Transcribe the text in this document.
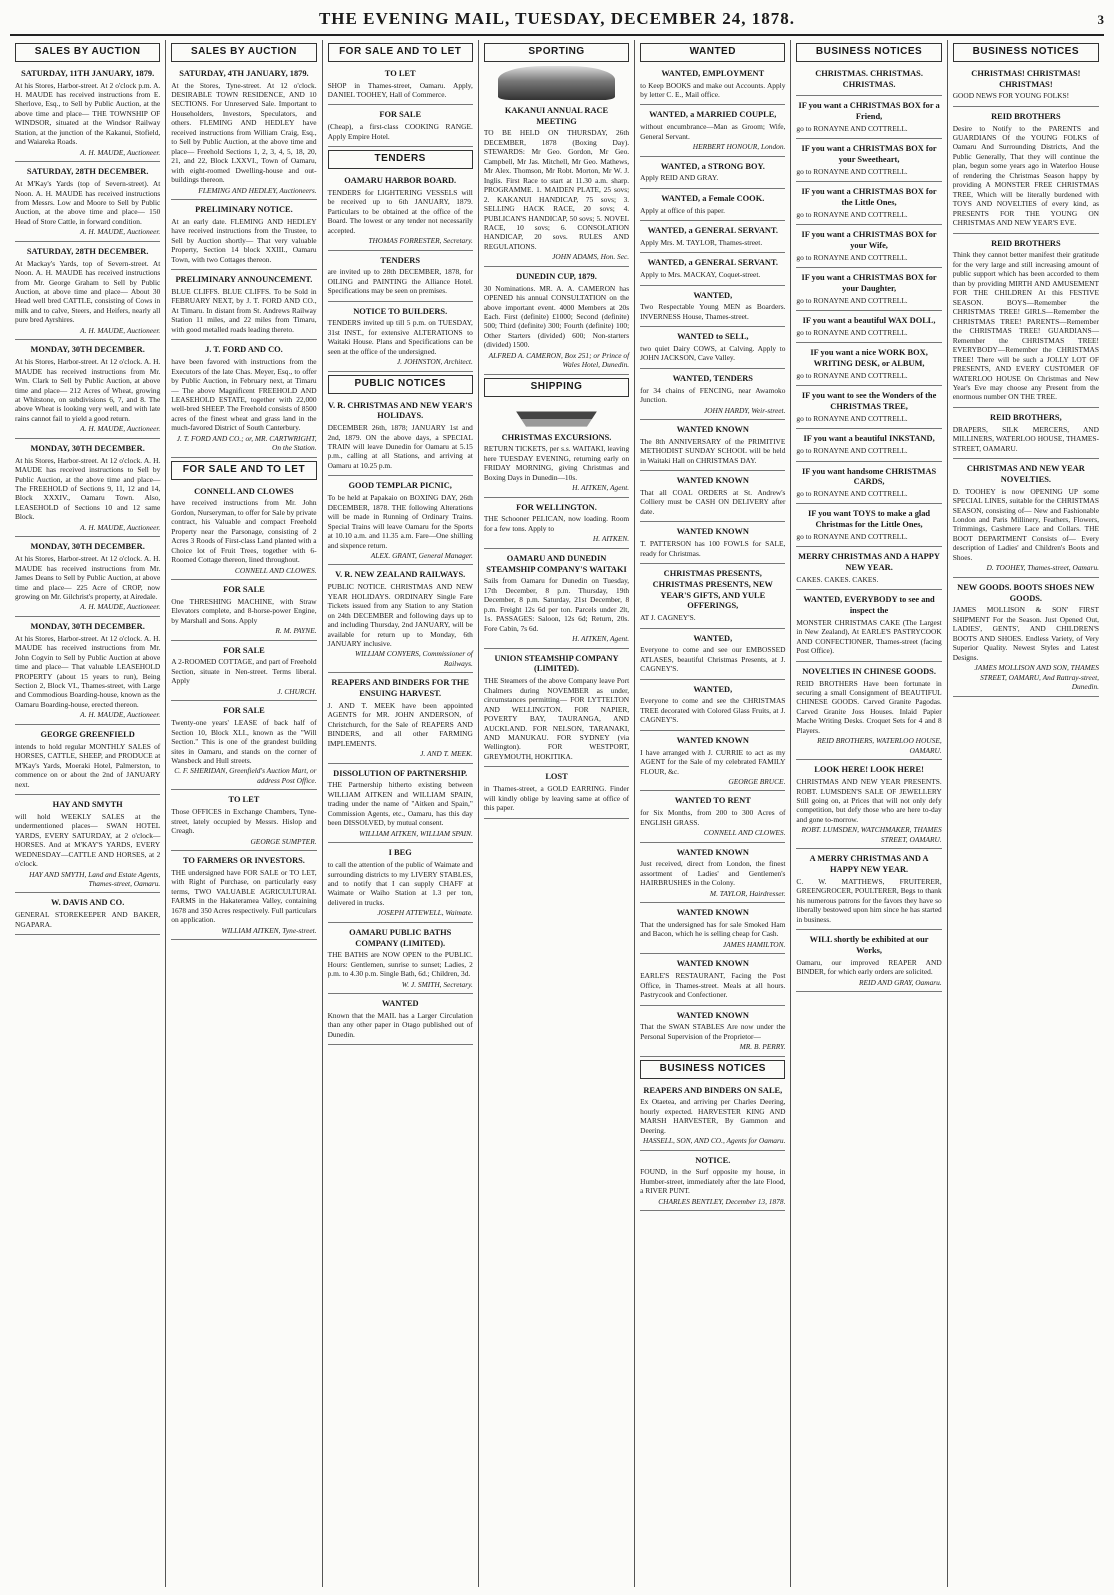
THE EVENING MAIL, TUESDAY, DECEMBER 24, 1878.	3
SALES BY AUCTION
SATURDAY, 11TH JANUARY, 1879.
At his Stores, Harbor-street. At 2 o'clock p.m. A. H. MAUDE has received instructions from E. Sherlove, Esq., to Sell by Public Auction, at the above time and place— THE TOWNSHIP OF WINDSOR, situated at the Windsor Railway Station, at the junction of the Kakanui, Stofield, and Waiareka Roads.
A. H. MAUDE, Auctioneer.
SATURDAY, 28TH DECEMBER.
At M'Kay's Yards (top of Severn-street). At Noon. A. H. MAUDE has received instructions from Messrs. Low and Moore to Sell by Public Auction, at the above time and place— 150 Head of Store Cattle, in forward condition.
A. H. MAUDE, Auctioneer.
SATURDAY, 28TH DECEMBER.
At Mackay's Yards, top of Severn-street. At Noon. A. H. MAUDE has received instructions from Mr. George Graham to Sell by Public Auction, at above time and place— About 30 Head well bred CATTLE, consisting of Cows in milk and to calve, Steers, and Heifers, nearly all pure bred Ayrshires.
A. H. MAUDE, Auctioneer.
MONDAY, 30TH DECEMBER.
At his Stores, Harbor-street. At 12 o'clock. A. H. MAUDE has received instructions from Mr. Wm. Clark to Sell by Public Auction, at above time and place— 212 Acres of Wheat, growing at Whitstone, on subdivisions 6, 7, and 8. The above Wheat is looking very well, and with late rains cannot fail to yield a good return.
A. H. MAUDE, Auctioneer.
MONDAY, 30TH DECEMBER.
At his Stores, Harbor-street. At 12 o'clock. A. H. MAUDE has received instructions to Sell by Public Auction, at the above time and place— The FREEHOLD of Sections 9, 11, 12 and 14, Block XXXIV., Oamaru Town. Also, LEASEHOLD of Sections 10 and 12 same Block.
A. H. MAUDE, Auctioneer.
MONDAY, 30TH DECEMBER.
At his Stores, Harbor-street. At 12 o'clock. A. H. MAUDE has received instructions from Mr. James Deans to Sell by Public Auction, at above time and place— 225 Acre of CROP, now growing on Mr. Gilchrist's property, at Airedale.
A. H. MAUDE, Auctioneer.
MONDAY, 30TH DECEMBER.
At his Stores, Harbor-street. At 12 o'clock. A. H. MAUDE has received instructions from Mr. John Cogvin to Sell by Public Auction at above time and place— That valuable LEASEHOLD PROPERTY (about 15 years to run), Being Section 2, Block VI., Thames-street, with Large and Commodious Boarding-house, known as the Oamaru Boarding-house, erected thereon.
A. H. MAUDE, Auctioneer.
GEORGE GREENFIELD
intends to hold regular MONTHLY SALES of HORSES, CATTLE, SHEEP, and PRODUCE at M'Kay's Yards, Moeraki Hotel, Palmerston, to commence on or about the 2nd of JANUARY next.
HAY AND SMYTH
will hold WEEKLY SALES at the undermentioned places— SWAN HOTEL YARDS, EVERY SATURDAY, at 2 o'clock—HORSES. And at M'KAY'S YARDS, EVERY WEDNESDAY—CATTLE AND HORSES, at 2 o'clock.
HAY AND SMYTH, Land and Estate Agents, Thames-street, Oamaru.
W. DAVIS AND CO.
GENERAL STOREKEEPER AND BAKER, NGAPARA.
SALES BY AUCTION
SATURDAY, 4TH JANUARY, 1879.
At the Stores, Tyne-street. At 12 o'clock. DESIRABLE TOWN RESIDENCE, AND 10 SECTIONS. For Unreserved Sale. Important to Householders, Investors, Speculators, and others. FLEMING AND HEDLEY have received instructions from William Craig, Esq., to Sell by Public Auction, at the above time and place— Freehold Sections 1, 2, 3, 4, 5, 18, 20, 21, and 22, Block LXXVI., Town of Oamaru, with eight-roomed Dwelling-house and out-buildings thereon.
FLEMING AND HEDLEY, Auctioneers.
PRELIMINARY NOTICE.
At an early date. FLEMING AND HEDLEY have received instructions from the Trustee, to Sell by Auction shortly— That very valuable Property, Section 14 block XXIII., Oamaru Town, with two Cottages thereon.
PRELIMINARY ANNOUNCEMENT.
BLUE CLIFFS. BLUE CLIFFS. To be Sold in FEBRUARY NEXT, by J. T. FORD AND CO., At Timaru. In distant from St. Andrews Railway Station 11 miles, and 22 miles from Timaru, with good metalled roads leading thereto.
J. T. FORD AND CO.
have been favored with instructions from the Executors of the late Chas. Meyer, Esq., to offer by Public Auction, in February next, at Timaru— The above Magnificent FREEHOLD AND LEASEHOLD ESTATE, together with 22,000 well-bred SHEEP. The Freehold consists of 8500 acres of the finest wheat and grass land in the much-favored District of South Canterbury.
J. T. FORD AND CO.; or, MR. CARTWRIGHT, On the Station.
FOR SALE AND TO LET
CONNELL AND CLOWES
have received instructions from Mr. John Gordon, Nurseryman, to offer for Sale by private contract, his Valuable and compact Freehold Property near the Parsonage, consisting of 2 Acres 3 Roods of First-class Land planted with a Choice lot of Fruit Trees, together with 6-Roomed Cottage thereon, lined throughout.
CONNELL AND CLOWES.
FOR SALE
One THRESHING MACHINE, with Straw Elevators complete, and 8-horse-power Engine, by Marshall and Sons. Apply
R. M. PAYNE.
FOR SALE
A 2-ROOMED COTTAGE, and part of Freehold Section, situate in Nen-street. Terms liberal. Apply
J. CHURCH.
FOR SALE
Twenty-one years' LEASE of back half of Section 10, Block XLI., known as the "Will Section." This is one of the grandest building sites in Oamaru, and stands on the corner of Wansbeck and Hull streets.
C. F. SHERIDAN, Greenfield's Auction Mart, or address Post Office.
TO LET
Those OFFICES in Exchange Chambers, Tyne-street, lately occupied by Messrs. Hislop and Creagh.
GEORGE SUMPTER.
TO FARMERS OR INVESTORS.
THE undersigned have FOR SALE or TO LET, with Right of Purchase, on particularly easy terms, TWO VALUABLE AGRICULTURAL FARMS in the Hakateramea Valley, containing 1678 and 350 Acres respectively. Full particulars on application.
WILLIAM AITKEN, Tyne-street.
FOR SALE AND TO LET
TO LET
SHOP in Thames-street, Oamaru. Apply, DANIEL TOOHEY, Hall of Commerce.
FOR SALE
(Cheap), a first-class COOKING RANGE. Apply Empire Hotel.
TENDERS
OAMARU HARBOR BOARD.
TENDERS for LIGHTERING VESSELS will be received up to 6th JANUARY, 1879. Particulars to be obtained at the office of the Board. The lowest or any tender not necessarily accepted.
THOMAS FORRESTER, Secretary.
TENDERS
are invited up to 28th DECEMBER, 1878, for OILING and PAINTING the Alliance Hotel. Specifications may be seen on premises.
NOTICE TO BUILDERS.
TENDERS invited up till 5 p.m. on TUESDAY, 31st INST., for extensive ALTERATIONS to Waitaki House. Plans and Specifications can be seen at the office of the undersigned.
J. JOHNSTON, Architect.
PUBLIC NOTICES
V. R. CHRISTMAS AND NEW YEAR'S HOLIDAYS.
DECEMBER 26th, 1878; JANUARY 1st and 2nd, 1879. ON the above days, a SPECIAL TRAIN will leave Dunedin for Oamaru at 5.15 p.m., calling at all Stations, and arriving at Oamaru at 10.25 p.m.
GOOD TEMPLAR PICNIC,
To be held at Papakaio on BOXING DAY, 26th DECEMBER, 1878. THE following Alterations will be made in Running of Ordinary Trains. Special Trains will leave Oamaru for the Sports at 10.10 a.m. and 11.35 a.m. Fare—One shilling and sixpence return.
ALEX. GRANT, General Manager.
V. R. NEW ZEALAND RAILWAYS.
PUBLIC NOTICE. CHRISTMAS AND NEW YEAR HOLIDAYS. ORDINARY Single Fare Tickets issued from any Station to any Station on 24th DECEMBER and following days up to and including Thursday, 2nd JANUARY, will be available for return up to Monday, 6th JANUARY inclusive.
WILLIAM CONYERS, Commissioner of Railways.
REAPERS AND BINDERS FOR THE ENSUING HARVEST.
J. AND T. MEEK have been appointed AGENTS for MR. JOHN ANDERSON, of Christchurch, for the Sale of REAPERS AND BINDERS, and all other FARMING IMPLEMENTS.
J. AND T. MEEK.
DISSOLUTION OF PARTNERSHIP.
THE Partnership hitherto existing between WILLIAM AITKEN and WILLIAM SPAIN, trading under the name of "Aitken and Spain," Commission Agents, etc., Oamaru, has this day been DISSOLVED, by mutual consent.
WILLIAM AITKEN, WILLIAM SPAIN.
I BEG
to call the attention of the public of Waimate and surrounding districts to my LIVERY STABLES, and to notify that I can supply CHAFF at Waimate or Waiho Station at 1.3 per ton, delivered in trucks.
JOSEPH ATTEWELL, Waimate.
OAMARU PUBLIC BATHS COMPANY (LIMITED).
THE BATHS are NOW OPEN to the PUBLIC. Hours: Gentlemen, sunrise to sunset; Ladies, 2 p.m. to 4.30 p.m. Single Bath, 6d.; Children, 3d.
W. J. SMITH, Secretary.
WANTED
Known that the MAIL has a Larger Circulation than any other paper in Otago published out of Dunedin.
SPORTING
KAKANUI ANNUAL RACE MEETING
TO BE HELD ON THURSDAY, 26th DECEMBER, 1878 (Boxing Day). STEWARDS: Mr Geo. Gordon, Mr Geo. Campbell, Mr Jas. Mitchell, Mr Geo. Mathews, Mr Alex. Thomson, Mr Robt. Morton, Mr W. J. Inglis. First Race to start at 11.30 a.m. sharp. PROGRAMME. 1. MAIDEN PLATE, 25 sovs; 2. KAKANUI HANDICAP, 75 sovs; 3. SELLING HACK RACE, 20 sovs; 4. PUBLICAN'S HANDICAP, 50 sovs; 5. NOVEL RACE, 10 sovs; 6. CONSOLATION HANDICAP, 20 sovs. RULES AND REGULATIONS.
JOHN ADAMS, Hon. Sec.
DUNEDIN CUP, 1879.
30 Nominations. MR. A. A. CAMERON has OPENED his annual CONSULTATION on the above important event. 4000 Members at 20s Each. First (definite) £1000; Second (definite) 500; Third (definite) 300; Fourth (definite) 100; Other Starters (divided) 600; Non-starters (divided) 1500.
ALFRED A. CAMERON, Box 251; or Prince of Wales Hotel, Dunedin.
SHIPPING
CHRISTMAS EXCURSIONS.
RETURN TICKETS, per s.s. WAITAKI, leaving here TUESDAY EVENING, returning early on FRIDAY MORNING, giving Christmas and Boxing Days in Dunedin—10s.
H. AITKEN, Agent.
FOR WELLINGTON.
THE Schooner PELICAN, now loading. Room for a few tons. Apply to
H. AITKEN.
OAMARU AND DUNEDIN STEAMSHIP COMPANY'S WAITAKI
Sails from Oamaru for Dunedin on Tuesday, 17th December, 8 p.m. Thursday, 19th December, 8 p.m. Saturday, 21st December, 8 p.m. Freight 12s 6d per ton. Parcels under 2lt, 1s. PASSAGES: Saloon, 12s 6d; Return, 20s. Fore Cabin, 7s 6d.
H. AITKEN, Agent.
UNION STEAMSHIP COMPANY (LIMITED).
THE Steamers of the above Company leave Port Chalmers during NOVEMBER as under, circumstances permitting— FOR LYTTELTON AND WELLINGTON. FOR NAPIER, POVERTY BAY, TAURANGA, AND AUCKLAND. FOR NELSON, TARANAKI, AND MANUKAU. FOR SYDNEY (via Wellington). FOR WESTPORT, GREYMOUTH, HOKITIKA.
LOST
in Thames-street, a GOLD EARRING. Finder will kindly oblige by leaving same at office of this paper.
WANTED
WANTED, EMPLOYMENT
to Keep BOOKS and make out Accounts. Apply by letter C. E., Mail office.
WANTED, a MARRIED COUPLE,
without encumbrance—Man as Groom; Wife, General Servant.
HERBERT HONOUR, London.
WANTED, a STRONG BOY.
Apply REID AND GRAY.
WANTED, a Female COOK.
Apply at office of this paper.
WANTED, a GENERAL SERVANT.
Apply Mrs. M. TAYLOR, Thames-street.
WANTED, a GENERAL SERVANT.
Apply to Mrs. MACKAY, Coquet-street.
WANTED,
Two Respectable Young MEN as Boarders. INVERNESS House, Thames-street.
WANTED to SELL,
two quiet Dairy COWS, at Calving. Apply to JOHN JACKSON, Cave Valley.
WANTED, TENDERS
for 34 chains of FENCING, near Awamoko Junction.
JOHN HARDY, Weir-street.
WANTED KNOWN
The 8th ANNIVERSARY of the PRIMITIVE METHODIST SUNDAY SCHOOL will be held in Waitaki Hall on CHRISTMAS DAY.
WANTED KNOWN
That all COAL ORDERS at St. Andrew's Colliery must be CASH ON DELIVERY after date.
WANTED KNOWN
T. PATTERSON has 100 FOWLS for SALE, ready for Christmas.
CHRISTMAS PRESENTS, CHRISTMAS PRESENTS, NEW YEAR'S GIFTS, AND YULE OFFERINGS,
AT J. CAGNEY'S.
WANTED,
Everyone to come and see our EMBOSSED ATLASES, beautiful Christmas Presents, at J. CAGNEY'S.
WANTED,
Everyone to come and see the CHRISTMAS TREE decorated with Colored Glass Fruits, at J. CAGNEY'S.
WANTED KNOWN
I have arranged with J. CURRIE to act as my AGENT for the Sale of my celebrated FAMILY FLOUR, &c.
GEORGE BRUCE.
WANTED TO RENT
for Six Months, from 200 to 300 Acres of ENGLISH GRASS.
CONNELL AND CLOWES.
WANTED KNOWN
Just received, direct from London, the finest assortment of Ladies' and Gentlemen's HAIRBRUSHES in the Colony.
M. TAYLOR, Hairdresser.
WANTED KNOWN
That the undersigned has for sale Smoked Ham and Bacon, which he is selling cheap for Cash.
JAMES HAMILTON.
WANTED KNOWN
EARLE'S RESTAURANT, Facing the Post Office, in Thames-street. Meals at all hours. Pastrycook and Confectioner.
WANTED KNOWN
That the SWAN STABLES Are now under the Personal Supervision of the Proprietor—
MR. B. PERRY.
BUSINESS NOTICES
REAPERS AND BINDERS ON SALE,
Ex Otaetea, and arriving per Charles Deering, hourly expected. HARVESTER KING AND MARSH HARVESTER, By Gammon and Deering.
HASSELL, SON, AND CO., Agents for Oamaru.
NOTICE.
FOUND, in the Surf opposite my house, in Humber-street, immediately after the late Flood, a RIVER PUNT.
CHARLES BENTLEY, December 13, 1878.
BUSINESS NOTICES
CHRISTMAS. CHRISTMAS. CHRISTMAS.
IF you want a CHRISTMAS BOX for a Friend,
go to RONAYNE AND COTTRELL.
IF you want a CHRISTMAS BOX for your Sweetheart,
go to RONAYNE AND COTTRELL.
IF you want a CHRISTMAS BOX for the Little Ones,
go to RONAYNE AND COTTRELL.
IF you want a CHRISTMAS BOX for your Wife,
go to RONAYNE AND COTTRELL.
IF you want a CHRISTMAS BOX for your Daughter,
go to RONAYNE AND COTTRELL.
IF you want a beautiful WAX DOLL,
go to RONAYNE AND COTTRELL.
IF you want a nice WORK BOX, WRITING DESK, or ALBUM,
go to RONAYNE AND COTTRELL.
IF you want to see the Wonders of the CHRISTMAS TREE,
go to RONAYNE AND COTTRELL.
IF you want a beautiful INKSTAND,
go to RONAYNE AND COTTRELL.
IF you want handsome CHRISTMAS CARDS,
go to RONAYNE AND COTTRELL.
IF you want TOYS to make a glad Christmas for the Little Ones,
go to RONAYNE AND COTTRELL.
MERRY CHRISTMAS AND A HAPPY NEW YEAR.
CAKES. CAKES. CAKES.
WANTED, EVERYBODY to see and inspect the
MONSTER CHRISTMAS CAKE (The Largest in New Zealand), At EARLE'S PASTRYCOOK AND CONFECTIONER, Thames-street (facing Post Office).
NOVELTIES IN CHINESE GOODS.
REID BROTHERS Have been fortunate in securing a small Consignment of BEAUTIFUL CHINESE GOODS. Carved Granite Pagodas. Carved Granite Joss Houses. Inlaid Papier Mache Writing Desks. Croquet Sets for 4 and 8 Players.
REID BROTHERS, WATERLOO HOUSE, OAMARU.
LOOK HERE! LOOK HERE!
CHRISTMAS AND NEW YEAR PRESENTS. ROBT. LUMSDEN'S SALE OF JEWELLERY Still going on, at Prices that will not only defy competition, but defy those who are here to-day and gone to-morrow.
ROBT. LUMSDEN, WATCHMAKER, THAMES STREET, OAMARU.
A MERRY CHRISTMAS AND A HAPPY NEW YEAR.
C. W. MATTHEWS, FRUITERER, GREENGROCER, POULTERER, Begs to thank his numerous patrons for the favors they have so liberally bestowed upon him since he has started in business.
WILL shortly be exhibited at our Works,
Oamaru, our improved REAPER AND BINDER, for which early orders are solicited.
REID AND GRAY, Oamaru.
BUSINESS NOTICES
CHRISTMAS! CHRISTMAS! CHRISTMAS!
GOOD NEWS FOR YOUNG FOLKS!
REID BROTHERS
Desire to Notify to the PARENTS and GUARDIANS Of the YOUNG FOLKS of Oamaru And Surrounding Districts, And the Public Generally, That they will continue the plan, begun some years ago in Waterloo House of rendering the Christmas Season happy by providing A MONSTER FREE CHRISTMAS TREE, Which will be literally burdened with TOYS AND NOVELTIES of every kind, as PRESENTS FOR THE YOUNG ON CHRISTMAS AND NEW YEAR'S EVE.
REID BROTHERS
Think they cannot better manifest their gratitude for the very large and still increasing amount of public support which has been accorded to them than by providing MIRTH AND AMUSEMENT FOR THE CHILDREN At this FESTIVE SEASON. BOYS—Remember the CHRISTMAS TREE! GIRLS—Remember the CHRISTMAS TREE! PARENTS—Remember the CHRISTMAS TREE! GUARDIANS—Remember the CHRISTMAS TREE! EVERYBODY—Remember the CHRISTMAS TREE! There will be such a JOLLY LOT OF PRESENTS, AND EVERY CUSTOMER OF WATERLOO HOUSE On Christmas and New Year's Eve may choose any Present from the enormous number ON THE TREE.
REID BROTHERS,
DRAPERS, SILK MERCERS, AND MILLINERS, WATERLOO HOUSE, THAMES-STREET, OAMARU.
CHRISTMAS AND NEW YEAR NOVELTIES.
D. TOOHEY is now OPENING UP some SPECIAL LINES, suitable for the CHRISTMAS SEASON, consisting of— New and Fashionable London and Paris Millinery, Feathers, Flowers, Trimmings, Cashmere Lace and Collars. THE BOOT DEPARTMENT Consists of— Every description of Ladies' and Children's Boots and Shoes.
D. TOOHEY, Thames-street, Oamaru.
NEW GOODS. BOOTS SHOES NEW GOODS.
JAMES MOLLISON & SON' FIRST SHIPMENT For the Season. Just Opened Out, LADIES', GENTS', AND CHILDREN'S BOOTS AND SHOES. Endless Variety, of Very Superior Quality. Newest Styles and Latest Designs.
JAMES MOLLISON AND SON, THAMES STREET, OAMARU, And Rattray-street, Dunedin.
